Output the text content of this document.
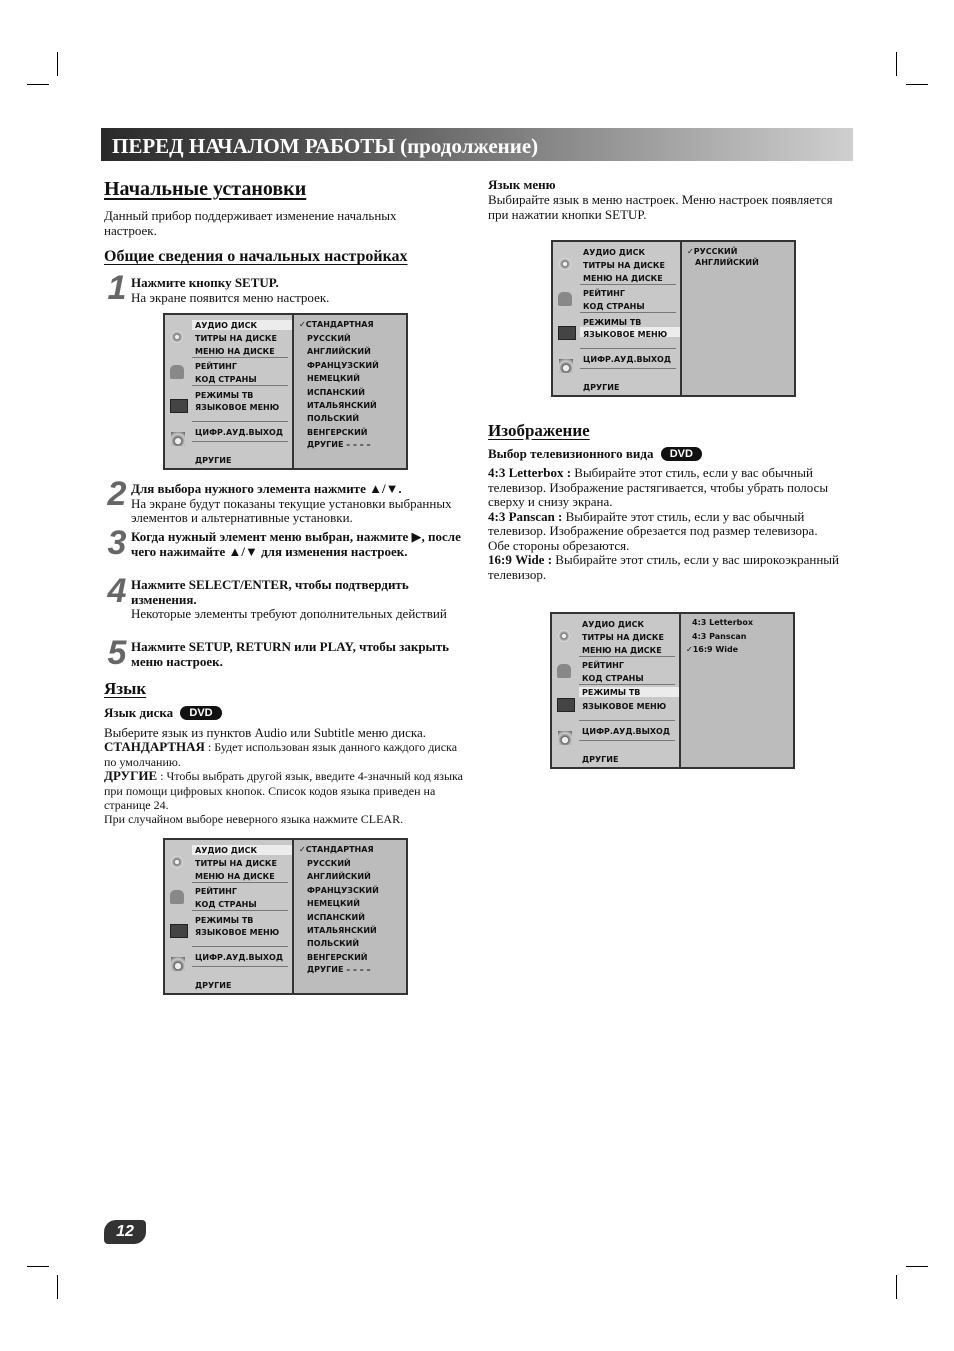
ПЕРЕД НАЧАЛОМ РАБОТЫ (продолжение)
Начальные установки
Данный прибор поддерживает изменение начальных настроек.
Общие сведения о начальных настройках
1 Нажмите кнопку SETUP.
На экране появится меню настроек.
АУДИО ДИСК
ТИТРЫ НА ДИСКЕ
МЕНЮ НА ДИСКЕ
РЕЙТИНГ
КОД СТРАНЫ
РЕЖИМЫ ТВ
ЯЗЫКОВОЕ МЕНЮ
ЦИФР.АУД.ВЫХОД
ДРУГИЕ
✓СТАНДАРТНАЯ
РУССКИЙ
АНГЛИЙСКИЙ
ФРАНЦУЗСКИЙ
НЕМЕЦКИЙ
ИСПАНСКИЙ
ИТАЛЬЯНСКИЙ
ПОЛЬСКИЙ
ВЕНГЕРСКИЙ
ДРУГИЕ – – – –
2 Для выбора нужного элемента нажмите ▲/▼.
На экране будут показаны текущие установки выбранных элементов и альтернативные установки.
3 Когда нужный элемент меню выбран, нажмите ▶, после чего нажимайте ▲/▼ для изменения настроек.
4 Нажмите SELECT/ENTER, чтобы подтвердить изменения.
Некоторые элементы требуют дополнительных действий
5 Нажмите SETUP, RETURN или PLAY, чтобы закрыть меню настроек.
Язык
Язык диска DVD
Выберите язык из пунктов Audio или Subtitle меню диска.
СТАНДАРТНАЯ : Будет использован язык данного каждого диска по умолчанию.
ДРУГИЕ : Чтобы выбрать другой язык, введите 4-значный код языка при помощи цифровых кнопок. Список кодов языка приведен на странице 24.
При случайном выборе неверного языка нажмите CLEAR.
АУДИО ДИСК
ТИТРЫ НА ДИСКЕ
МЕНЮ НА ДИСКЕ
РЕЙТИНГ
КОД СТРАНЫ
РЕЖИМЫ ТВ
ЯЗЫКОВОЕ МЕНЮ
ЦИФР.АУД.ВЫХОД
ДРУГИЕ
✓СТАНДАРТНАЯ
РУССКИЙ
АНГЛИЙСКИЙ
ФРАНЦУЗСКИЙ
НЕМЕЦКИЙ
ИСПАНСКИЙ
ИТАЛЬЯНСКИЙ
ПОЛЬСКИЙ
ВЕНГЕРСКИЙ
ДРУГИЕ – – – –
Язык меню
Выбирайте язык в меню настроек. Меню настроек появляется при нажатии кнопки SETUP.
АУДИО ДИСК
ТИТРЫ НА ДИСКЕ
МЕНЮ НА ДИСКЕ
РЕЙТИНГ
КОД СТРАНЫ
РЕЖИМЫ ТВ
ЯЗЫКОВОЕ МЕНЮ
ЦИФР.АУД.ВЫХОД
ДРУГИЕ
✓РУССКИЙ
АНГЛИЙСКИЙ
Изображение
Выбор телевизионного вида DVD
4:3 Letterbox : Выбирайте этот стиль, если у вас обычный телевизор. Изображение растягивается, чтобы убрать полосы сверху и снизу экрана.
4:3 Panscan : Выбирайте этот стиль, если у вас обычный телевизор. Изображение обрезается под размер телевизора.
Обе стороны обрезаются.
16:9 Wide : Выбирайте этот стиль, если у вас широкоэкранный телевизор.
АУДИО ДИСК
ТИТРЫ НА ДИСКЕ
МЕНЮ НА ДИСКЕ
РЕЙТИНГ
КОД СТРАНЫ
РЕЖИМЫ ТВ
ЯЗЫКОВОЕ МЕНЮ
ЦИФР.АУД.ВЫХОД
ДРУГИЕ
4:3 Letterbox
4:3 Panscan
✓16:9 Wide
12
